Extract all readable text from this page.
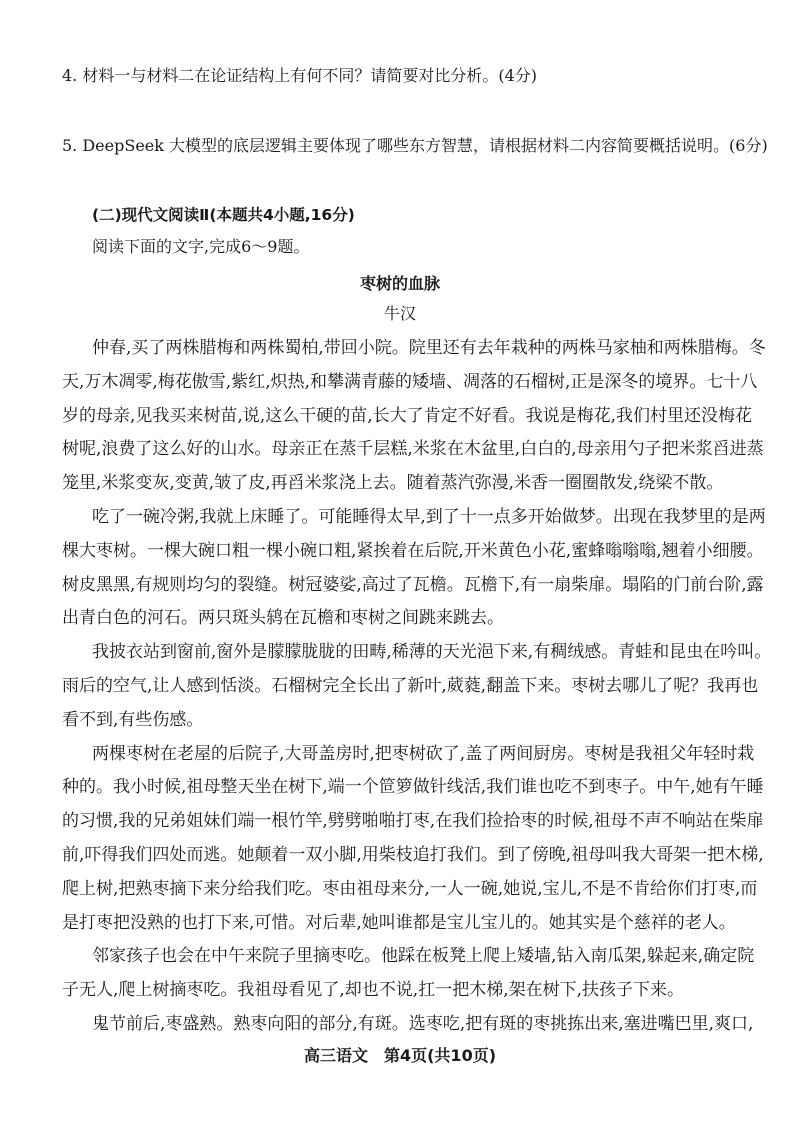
4. 材料一与材料二在论证结构上有何不同？请简要对比分析。(4分)
5. DeepSeek 大模型的底层逻辑主要体现了哪些东方智慧，请根据材料二内容简要概括说明。(6分)
(二)现代文阅读Ⅱ(本题共4小题,16分)
阅读下面的文字,完成6～9题。
枣树的血脉
牛汉
仲春,买了两株腊梅和两株蜀柏,带回小院。院里还有去年栽种的两株马家柚和两株腊梅。冬
天,万木凋零,梅花傲雪,紫红,炽热,和攀满青藤的矮墙、凋落的石榴树,正是深冬的境界。七十八
岁的母亲,见我买来树苗,说,这么干硬的苗,长大了肯定不好看。我说是梅花,我们村里还没梅花
树呢,浪费了这么好的山水。母亲正在蒸千层糕,米浆在木盆里,白白的,母亲用勺子把米浆舀进蒸
笼里,米浆变灰,变黄,皱了皮,再舀米浆浇上去。随着蒸汽弥漫,米香一圈圈散发,绕梁不散。
吃了一碗冷粥,我就上床睡了。可能睡得太早,到了十一点多开始做梦。出现在我梦里的是两
棵大枣树。一棵大碗口粗一棵小碗口粗,紧挨着在后院,开米黄色小花,蜜蜂嗡嗡嗡,翘着小细腰。
树皮黑黑,有规则均匀的裂缝。树冠婆娑,高过了瓦檐。瓦檐下,有一扇柴扉。塌陷的门前台阶,露
出青白色的河石。两只斑头鸫在瓦檐和枣树之间跳来跳去。
我披衣站到窗前,窗外是朦朦胧胧的田畴,稀薄的天光浥下来,有稠绒感。青蛙和昆虫在吟叫。
雨后的空气,让人感到恬淡。石榴树完全长出了新叶,葳蕤,翻盖下来。枣树去哪儿了呢？我再也
看不到,有些伤感。
两棵枣树在老屋的后院子,大哥盖房时,把枣树砍了,盖了两间厨房。枣树是我祖父年轻时栽
种的。我小时候,祖母整天坐在树下,端一个笸箩做针线活,我们谁也吃不到枣子。中午,她有午睡
的习惯,我的兄弟姐妹们端一根竹竿,劈劈啪啪打枣,在我们捡拾枣的时候,祖母不声不响站在柴扉
前,吓得我们四处而逃。她颠着一双小脚,用柴枝追打我们。到了傍晚,祖母叫我大哥架一把木梯,
爬上树,把熟枣摘下来分给我们吃。枣由祖母来分,一人一碗,她说,宝儿,不是不肯给你们打枣,而
是打枣把没熟的也打下来,可惜。对后辈,她叫谁都是宝儿宝儿的。她其实是个慈祥的老人。
邻家孩子也会在中午来院子里摘枣吃。他踩在板凳上爬上矮墙,钻入南瓜架,躲起来,确定院
子无人,爬上树摘枣吃。我祖母看见了,却也不说,扛一把木梯,架在树下,扶孩子下来。
鬼节前后,枣盛熟。熟枣向阳的部分,有斑。选枣吃,把有斑的枣挑拣出来,塞进嘴巴里,爽口,
高三语文　第4页(共10页)
